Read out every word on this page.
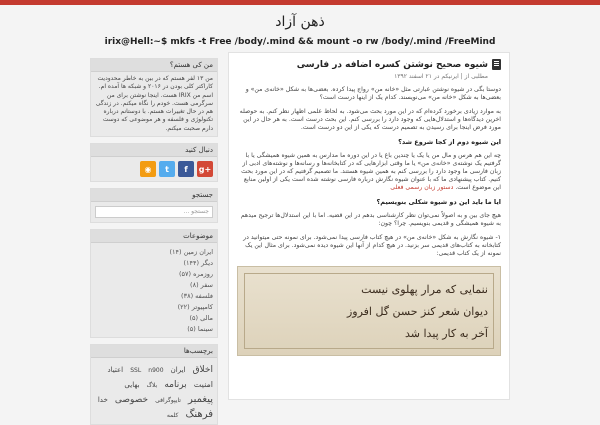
ذهن آزاد
irix@Hell:~$ mkfs -t Free /body/.mind && mount -o rw /body/.mind /FreeMind
من کی هستم؟
من ۱۳ لفر هستم که در بین به خاطر محدودیت کاراکتر کلی بودن در ۲۰۱۶ و شبکه ها آمده ام. اسم من IRIX هست. اینجا نوشتن برای من سرگرمی هست. خودم را نگاه میکنم. در زندگی هم در حال تغییرات هستم. با دوستانم درباره تکنولوژی و فلسفه و هر موضوعی که دوست دارم صحبت میکنم.
دنبال کنید
◉	t	f	g+
جستجو
جستجو ...
موضوعات
ایران زمین (۱۴)
دیگر (۱۴۴)
روزمره (۵۷)
سفر (۸)
فلسفه (۳۸)
کامپیوتر (۲۲)
مالی (۵)
سینما (۵)
برچسب‌ها
اخلاق ایران SSL n900 اعتیاد امنیت برنامه بلاگ بهایی پیغمبر تایپوگرافی خصوصی خدا فرهنگ کلمه
شیوه صحیح نوشتن کسره اضافه در فارسی
مطلبی از | ایرنیکم در ۲۱ اسفند ۱۳۹۲

دوستا بگی در شیوه نوشتن عبارتی مثل «خانه من» رواج پیدا کرده. بعضی‌ها به شکل «خانه‌ی من» و بعضی‌ها به شکل «خانه من» می‌نویسند. کدام یک از اینها درست است؟

به موارد زیادی برخورد کرده‌ام که در این مورد بحث می‌شود. به لحاظ علمی اظهار نظر کنم. به حوصله اخرین دیدگاه‌ها و استدلال‌هایی که وجود دارد را بررسی کنم. این بحث درست است. به هر حال در این مورد فرض اینجا برای رسیدن به تصمیم درست که یکی از این دو درست است.

این شیوه دوم از کجا شروع شد؟

چه این هم هرس و مال من یا یک یا چندین باغ یا در این دوره ما مدارس به همین شیوه همیشگی یا با گرفتیم یک نوشته‌ی «خانه‌ی من» یا ما وقتی ابزارهایی که در کتابخانه‌ها و رسانه‌ها و نوشته‌های ادبی از زبان فارسی ما وجود دارد را بررسی کنم به همین شیوه هستند. ما تصمیم گرفتیم که در این مورد بحث کنیم. کتاب پیشنهادی ما که با عنوان شیوه نگارش درباره فارسی نوشته شده است یکی از اولین منابع این موضوع است. دستور زبان رسمی فعلی

ایا ما باید این دو شیوه شکلی بنویسیم؟

هیچ جای بین و به اصولاً نمی‌توان نظر کارشناسی بدهم در این قضیه. اما با این استدلال‌ها ترجیح میدهم به شیوه همیشگی و قدیمی بنویسیم. چرا؟ چون:

۱- شیوه نگارش به شکل «خانه‌ی من» در هیچ کتاب فارسی پیدا نمی‌شود. برای نمونه حتی میتوانید در کتابخانه به کتاب‌های قدیمی سر بزنید. در هیچ کدام از آنها این شیوه دیده نمی‌شود. برای مثال این یک نمونه از یک کتاب قدیمی:

ننمایی که مرار پهلوی نیست
دیوان شعر کنز حسن گل افروز
آخر به کار پیدا شد
